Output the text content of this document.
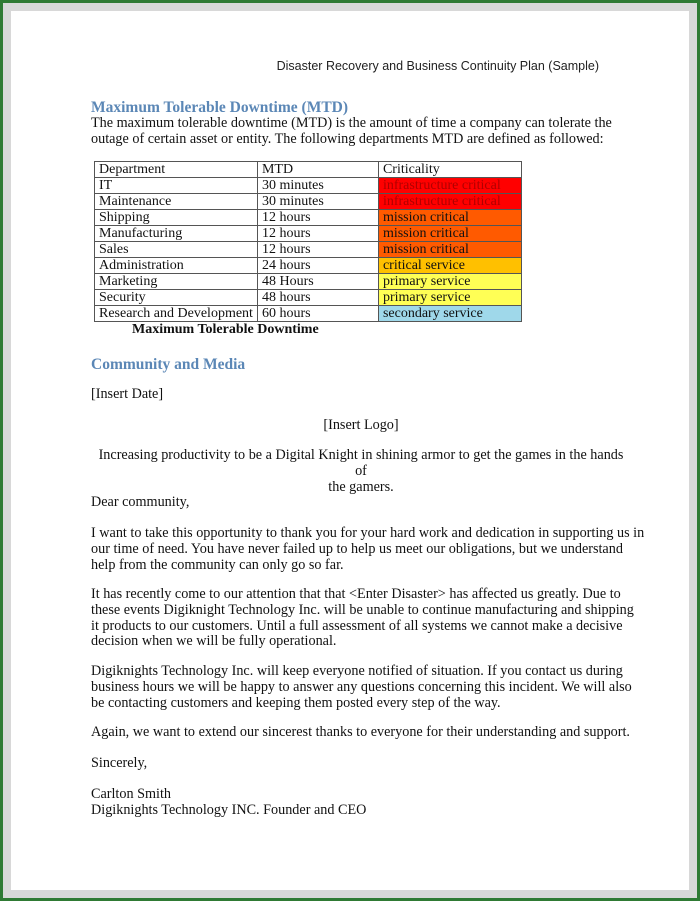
Disaster Recovery and Business Continuity Plan (Sample)
Maximum Tolerable Downtime (MTD)
The maximum tolerable downtime (MTD) is the amount of time a company can tolerate the
outage of certain asset or entity. The following departments MTD are defined as followed:
Department	MTD	Criticality
IT	30 minutes	infrastructure critical
Maintenance	30 minutes	infrastructure critical
Shipping	12 hours	mission critical
Manufacturing	12 hours	mission critical
Sales	12 hours	mission critical
Administration	24 hours	critical service
Marketing	48 Hours	primary service
Security	48 hours	primary service
Research and Development	60 hours	secondary service
Maximum Tolerable Downtime
Community and Media
[Insert Date]
[Insert Logo]
Increasing productivity to be a Digital Knight in shining armor to get the games in the hands of
the gamers.
Dear community,
I want to take this opportunity to thank you for your hard work and dedication in supporting us in
our time of need. You have never failed up to help us meet our obligations, but we understand
help from the community can only go so far.
It has recently come to our attention that that <Enter Disaster> has affected us greatly. Due to
these events Digiknight Technology Inc. will be unable to continue manufacturing and shipping
it products to our customers. Until a full assessment of all systems we cannot make a decisive
decision when we will be fully operational.
Digiknights Technology Inc. will keep everyone notified of situation. If you contact us during
business hours we will be happy to answer any questions concerning this incident. We will also
be contacting customers and keeping them posted every step of the way.
Again, we want to extend our sincerest thanks to everyone for their understanding and support.
Sincerely,
Carlton Smith
Digiknights Technology INC. Founder and CEO
